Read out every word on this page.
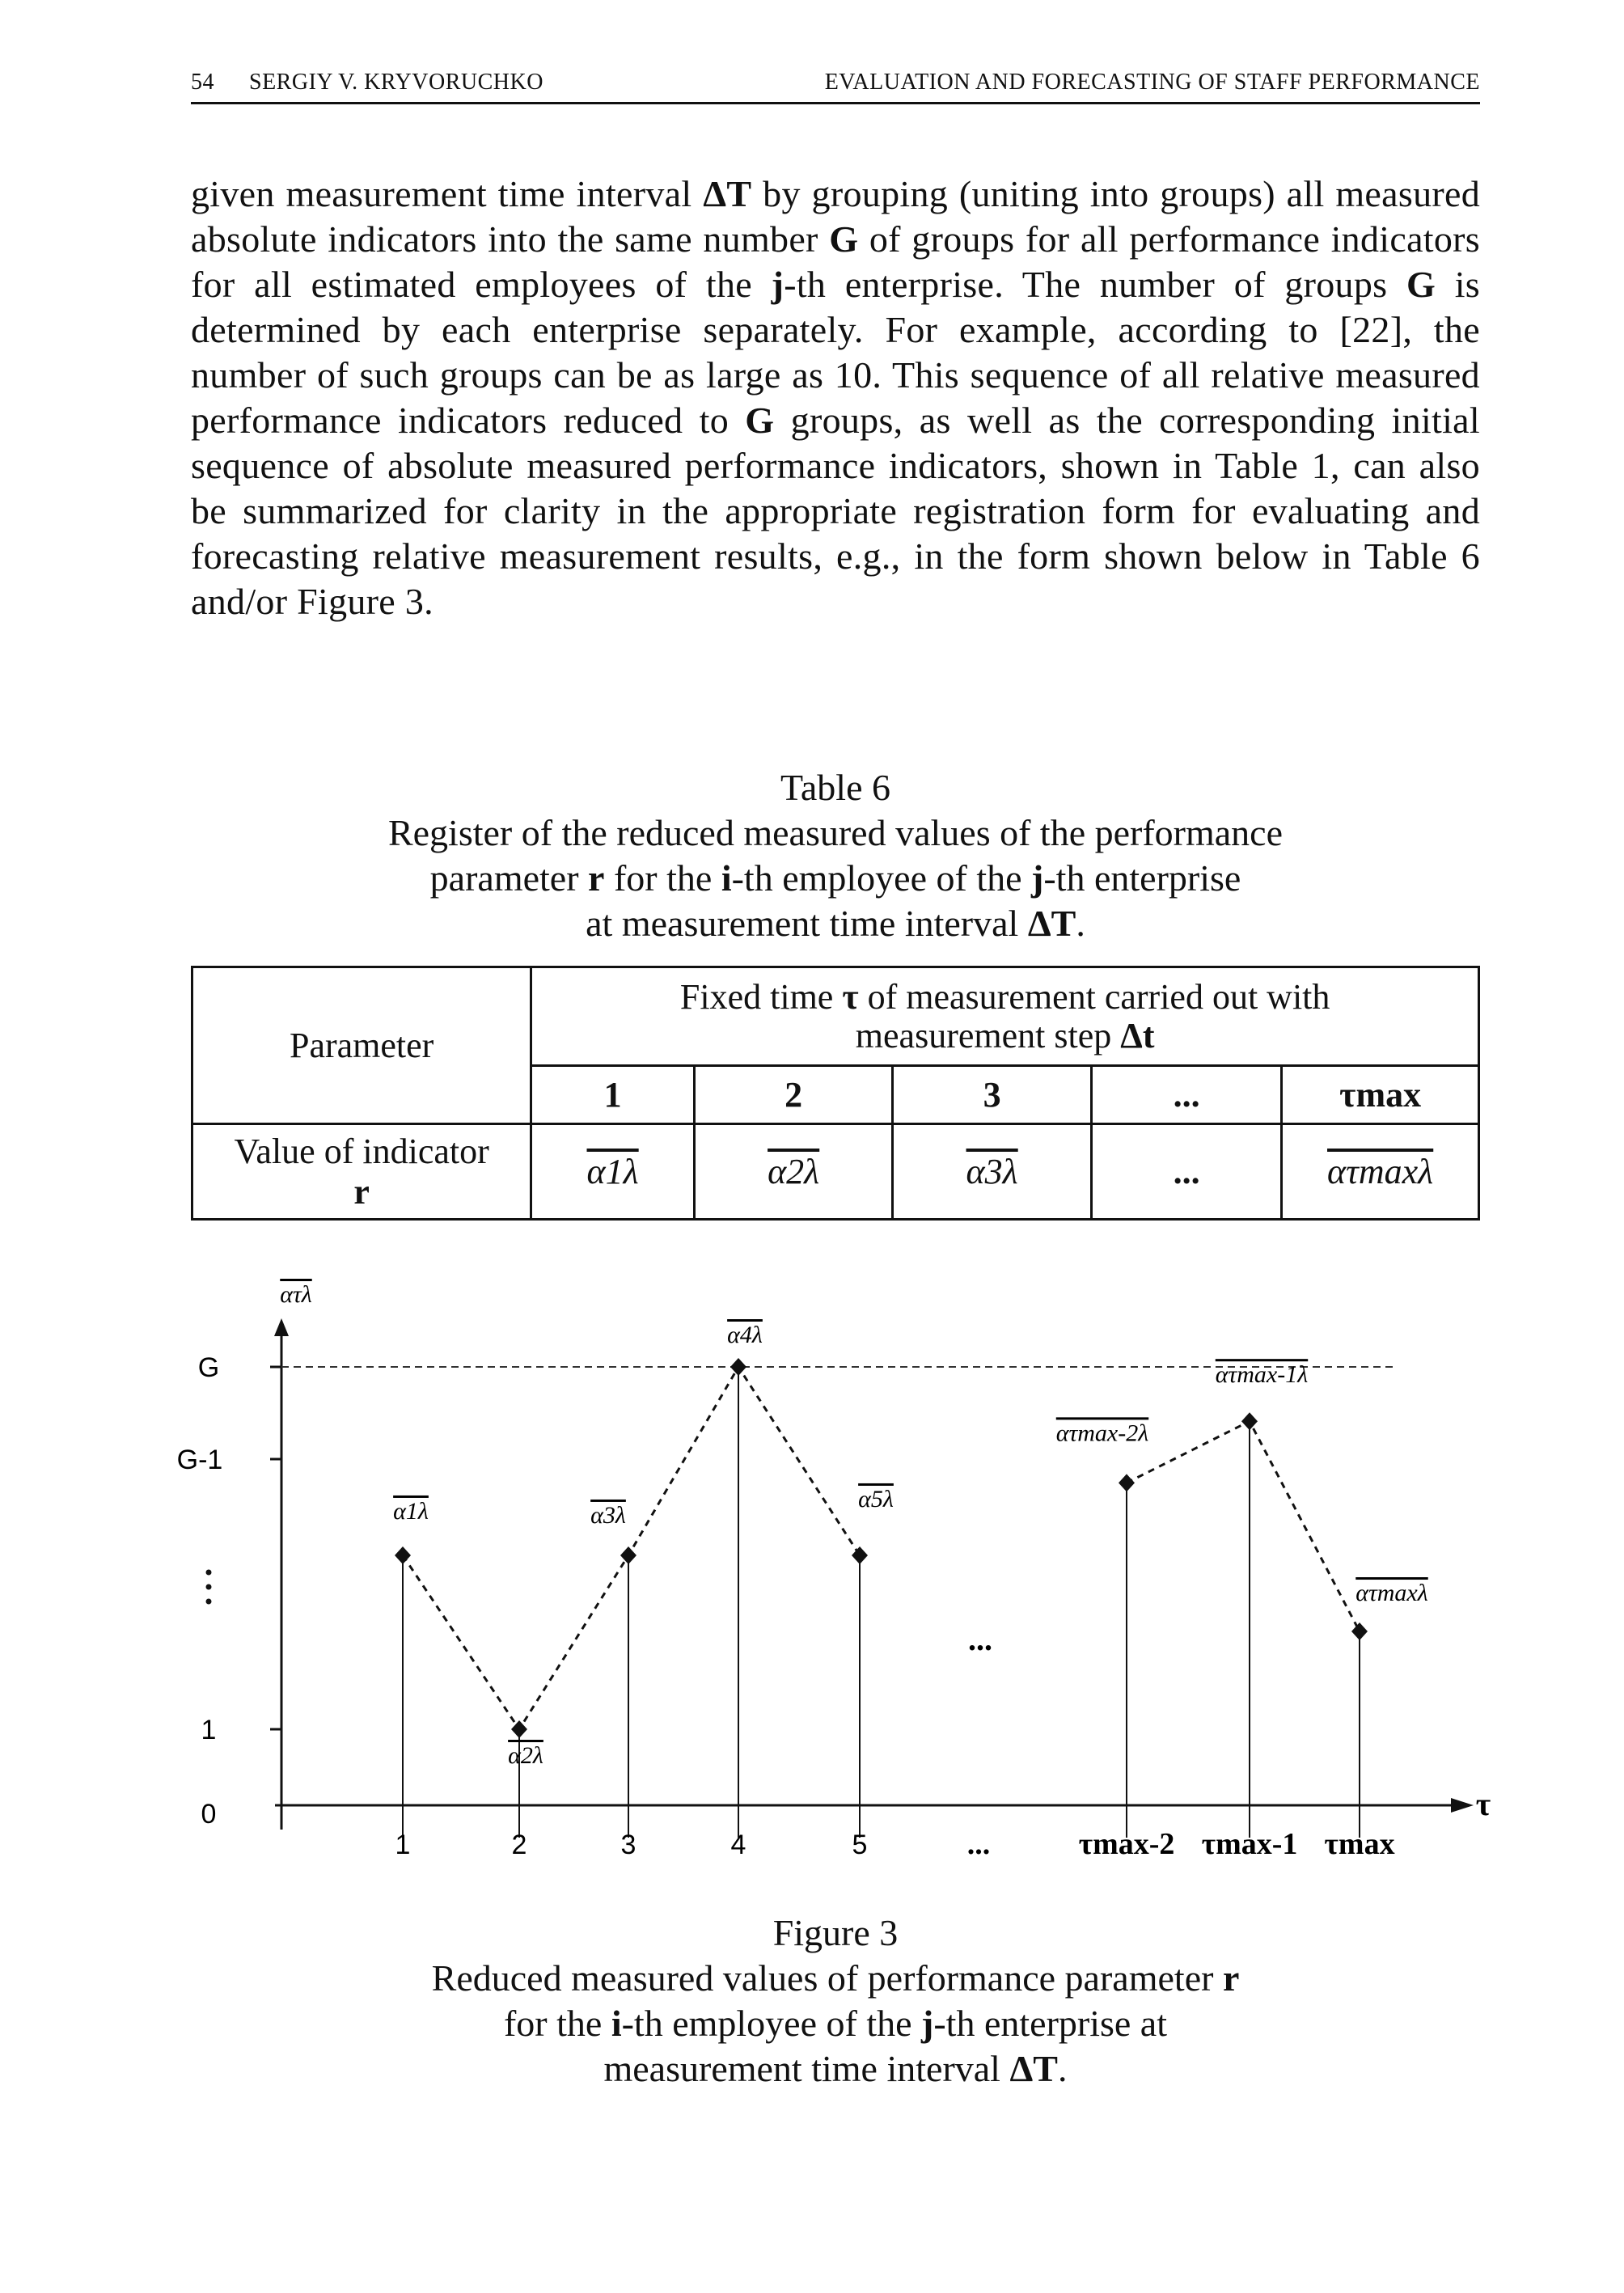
54 SERGIY V. KRYVORUCHKO	EVALUATION AND FORECASTING OF STAFF PERFORMANCE

given measurement time interval ΔT by grouping (uniting into groups) all measured absolute indicators into the same number G of groups for all performance indicators for all estimated employees of the j-th enterprise. The number of groups G is determined by each enterprise separately. For example, according to [22], the number of such groups can be as large as 10. This sequence of all relative measured performance indicators reduced to G groups, as well as the corresponding initial sequence of absolute measured performance indicators, shown in Table 1, can also be summarized for clarity in the appropriate registration form for evaluating and forecasting relative measurement results, e.g., in the form shown below in Table 6 and/or Figure 3.

Table 6
Register of the reduced measured values of the performance
parameter r for the i-th employee of the j-th enterprise
at measurement time interval ΔT.
Parameter	Fixed time τ of measurement carried out with
measurement step Δt				
	1	2	3	...	τmax
Value of indicator
r	α1λ	α2λ	α3λ	...	ατmaxλ
0
1
G-1
G
ατλ
τ
1	2	3	4	5	...	τmax-2 τmax-1 τmax
α1λ
α2λ
α3λ
α4λ
α5λ
ατmax-2λ
ατmax-1λ
ατmaxλ
...
Figure 3
Reduced measured values of performance parameter r
for the i-th employee of the j-th enterprise at
measurement time interval ΔT.
